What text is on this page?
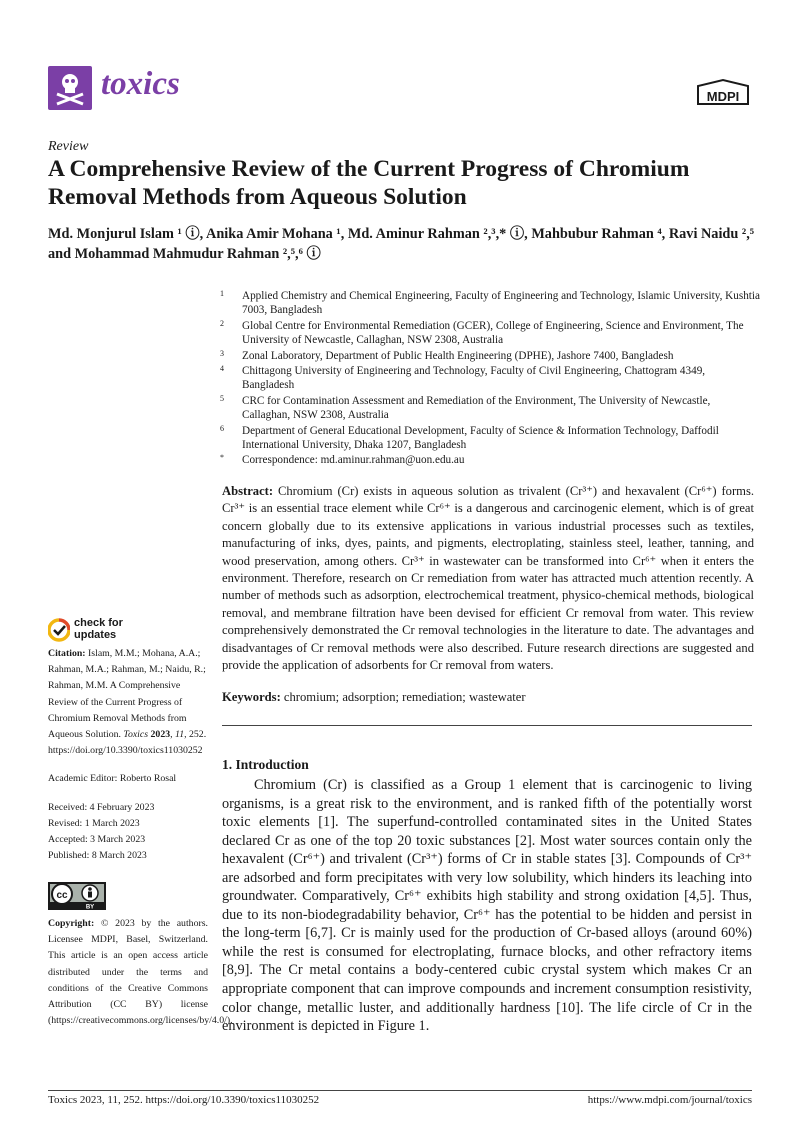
toxics	MDPI
Review
A Comprehensive Review of the Current Progress of Chromium Removal Methods from Aqueous Solution
Md. Monjurul Islam ¹ ⓘ, Anika Amir Mohana ¹, Md. Aminur Rahman ²,³,* ⓘ, Mahbubur Rahman ⁴, Ravi Naidu ²,⁵
and Mohammad Mahmudur Rahman ²,⁵,⁶ ⓘ
1	Applied Chemistry and Chemical Engineering, Faculty of Engineering and Technology, Islamic University, Kushtia 7003, Bangladesh
2	Global Centre for Environmental Remediation (GCER), College of Engineering, Science and Environment, The University of Newcastle, Callaghan, NSW 2308, Australia
3	Zonal Laboratory, Department of Public Health Engineering (DPHE), Jashore 7400, Bangladesh
4	Chittagong University of Engineering and Technology, Faculty of Civil Engineering, Chattogram 4349, Bangladesh
5	CRC for Contamination Assessment and Remediation of the Environment, The University of Newcastle, Callaghan, NSW 2308, Australia
6	Department of General Educational Development, Faculty of Science & Information Technology, Daffodil International University, Dhaka 1207, Bangladesh
*	Correspondence: md.aminur.rahman@uon.edu.au
Abstract: Chromium (Cr) exists in aqueous solution as trivalent (Cr³⁺) and hexavalent (Cr⁶⁺) forms. Cr³⁺ is an essential trace element while Cr⁶⁺ is a dangerous and carcinogenic element, which is of great concern globally due to its extensive applications in various industrial processes such as textiles, manufacturing of inks, dyes, paints, and pigments, electroplating, stainless steel, leather, tanning, and wood preservation, among others. Cr³⁺ in wastewater can be transformed into Cr⁶⁺ when it enters the environment. Therefore, research on Cr remediation from water has attracted much attention recently. A number of methods such as adsorption, electrochemical treatment, physico-chemical methods, biological removal, and membrane filtration have been devised for efficient Cr removal from water. This review comprehensively demonstrated the Cr removal technologies in the literature to date. The advantages and disadvantages of Cr removal methods were also described. Future research directions are suggested and provide the application of adsorbents for Cr removal from waters.
Keywords: chromium; adsorption; remediation; wastewater
check for
updates

Citation: Islam, M.M.; Mohana, A.A.; Rahman, M.A.; Rahman, M.; Naidu, R.; Rahman, M.M. A Comprehensive Review of the Current Progress of Chromium Removal Methods from Aqueous Solution. Toxics 2023, 11, 252. https://doi.org/10.3390/toxics11030252

Academic Editor: Roberto Rosal

Received: 4 February 2023

Revised: 1 March 2023

Accepted: 3 March 2023

Published: 8 March 2023

cc
BY
Copyright: © 2023 by the authors. Licensee MDPI, Basel, Switzerland. This article is an open access article distributed under the terms and conditions of the Creative Commons Attribution (CC BY) license (https://creativecommons.org/licenses/by/4.0/).
1. Introduction
Chromium (Cr) is classified as a Group 1 element that is carcinogenic to living organisms, is a great risk to the environment, and is ranked fifth of the potentially worst toxic elements [1]. The superfund-controlled contaminated sites in the United States declared Cr as one of the top 20 toxic substances [2]. Most water sources contain only the hexavalent (Cr⁶⁺) and trivalent (Cr³⁺) forms of Cr in stable states [3]. Compounds of Cr³⁺ are adsorbed and form precipitates with very low solubility, which hinders its leaching into groundwater. Comparatively, Cr⁶⁺ exhibits high stability and strong oxidation [4,5]. Thus, due to its non-biodegradability behavior, Cr⁶⁺ has the potential to be hidden and persist in the long-term [6,7]. Cr is mainly used for the production of Cr-based alloys (around 60%) while the rest is consumed for electroplating, furnace blocks, and other refractory items [8,9]. The Cr metal contains a body-centered cubic crystal system which makes Cr an appropriate component that can improve compounds and increment consumption resistivity, color change, metallic luster, and additionally hardness [10]. The life circle of Cr in the environment is depicted in Figure 1.
Toxics 2023, 11, 252. https://doi.org/10.3390/toxics11030252	https://www.mdpi.com/journal/toxics
